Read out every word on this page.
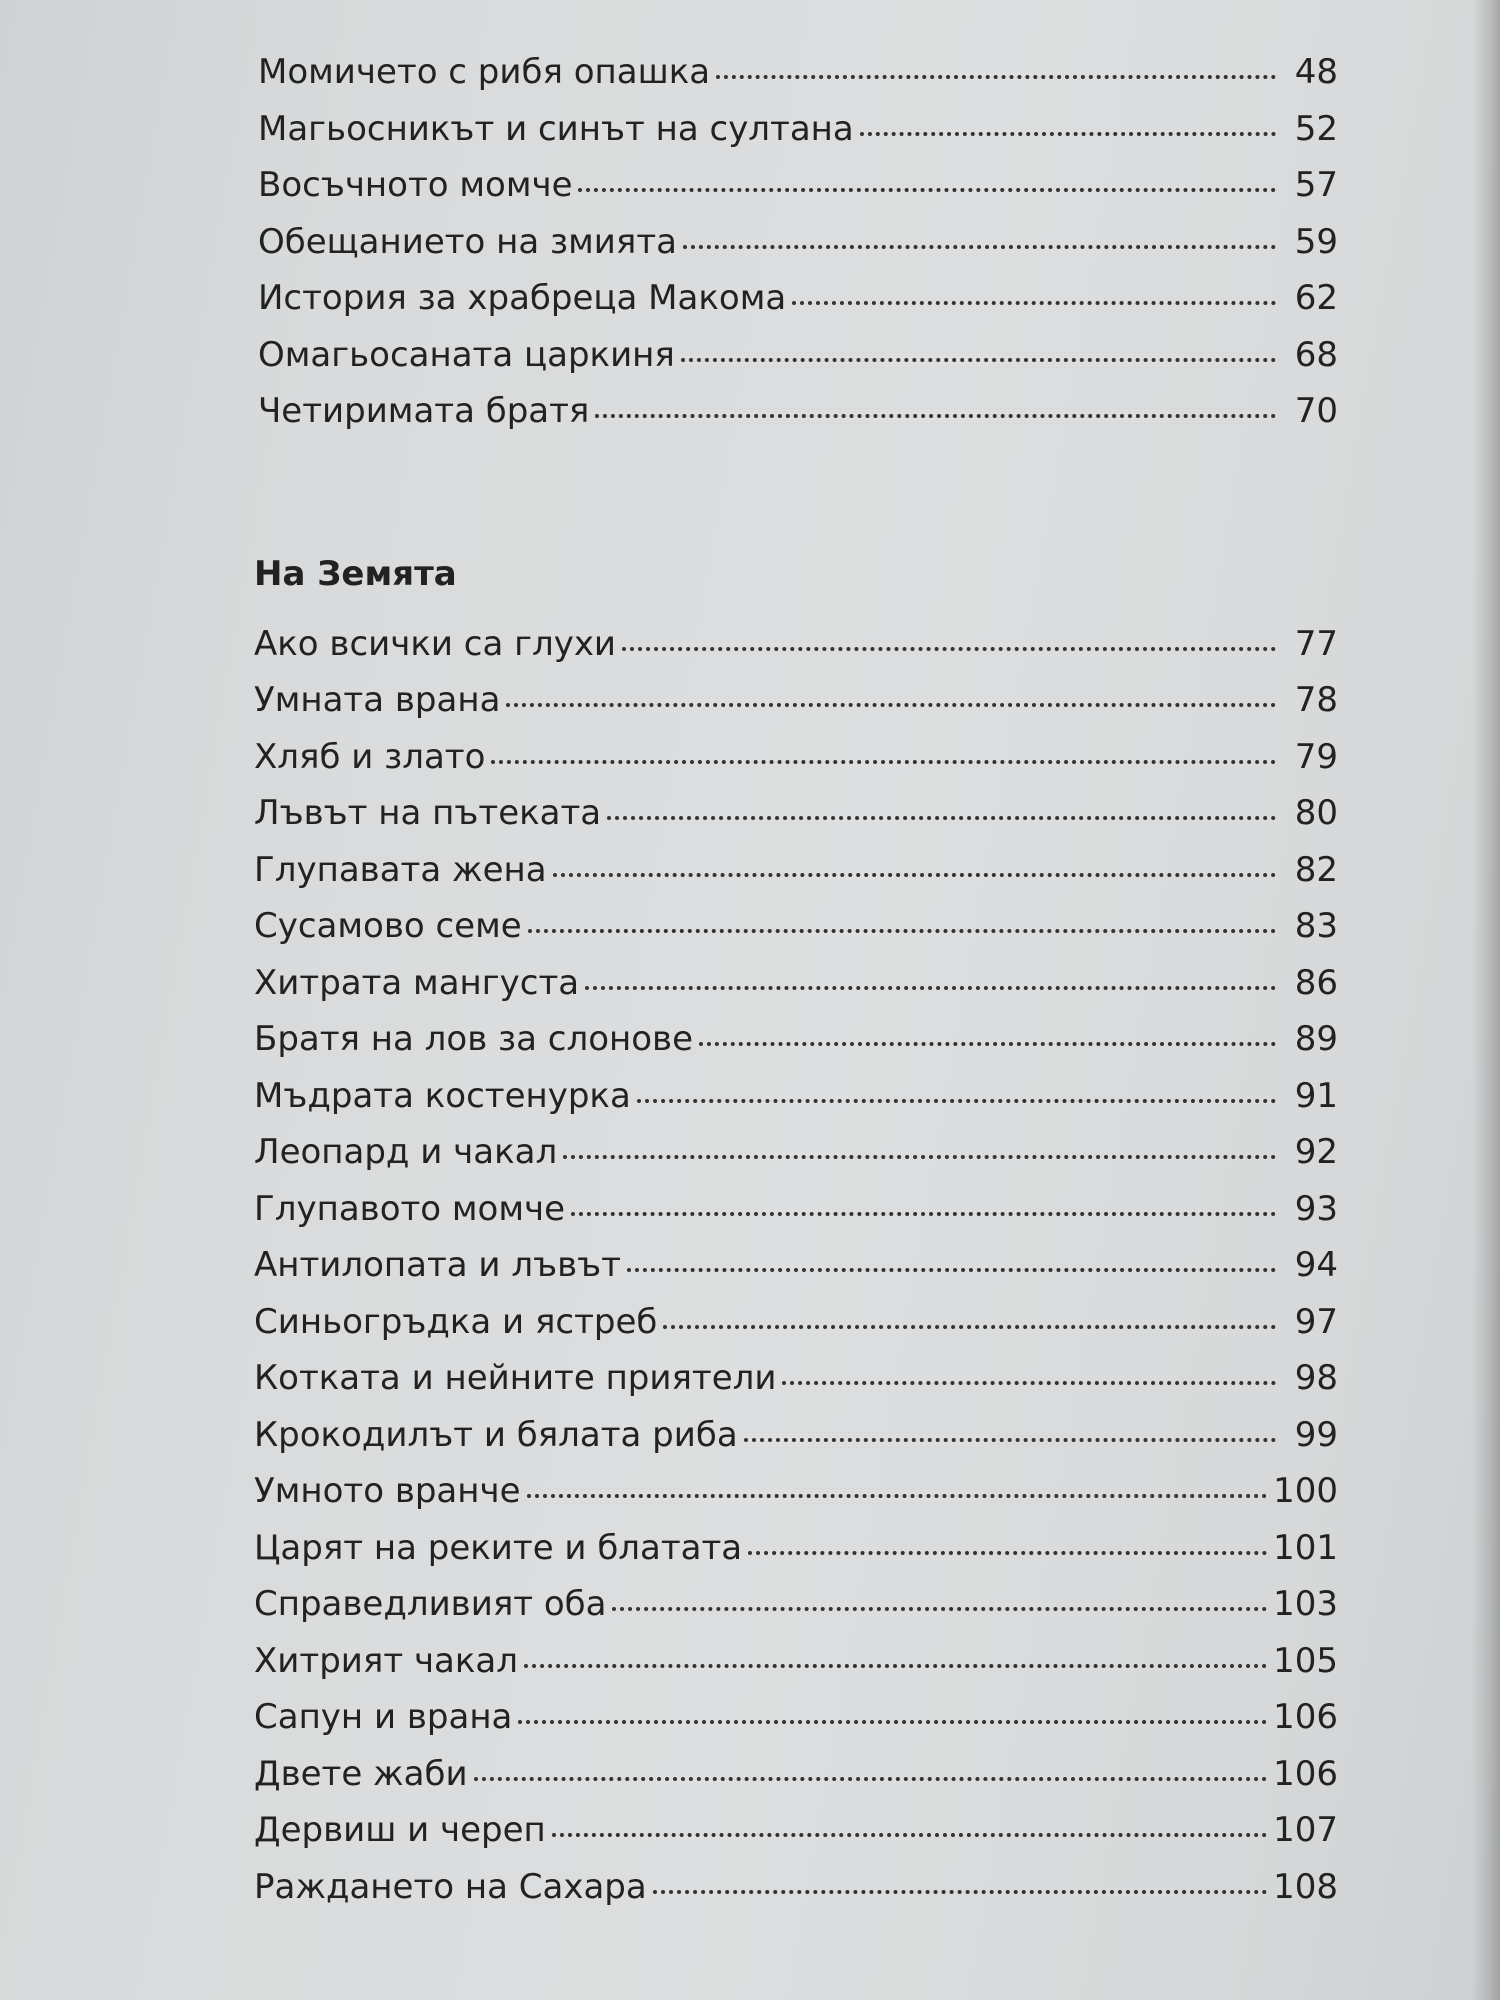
Момичето с рибя опашка	48
Магьосникът и синът на султана	52
Восъчното момче	57
Обещанието на змията	59
История за храбреца Макома	62
Омагьосаната царкиня	68
Четиримата братя	70
На Земята
Ако всички са глухи	77
Умната врана	78
Хляб и злато	79
Лъвът на пътеката	80
Глупавата жена	82
Сусамово семе	83
Хитрата мангуста	86
Братя на лов за слонове	89
Мъдрата костенурка	91
Леопард и чакал	92
Глупавото момче	93
Антилопата и лъвът	94
Синьогръдка и ястреб	97
Котката и нейните приятели	98
Крокодилът и бялата риба	99
Умното вранче	100
Царят на реките и блатата	101
Справедливият оба	103
Хитрият чакал	105
Сапун и врана	106
Двете жаби	106
Дервиш и череп	107
Раждането на Сахара	108
